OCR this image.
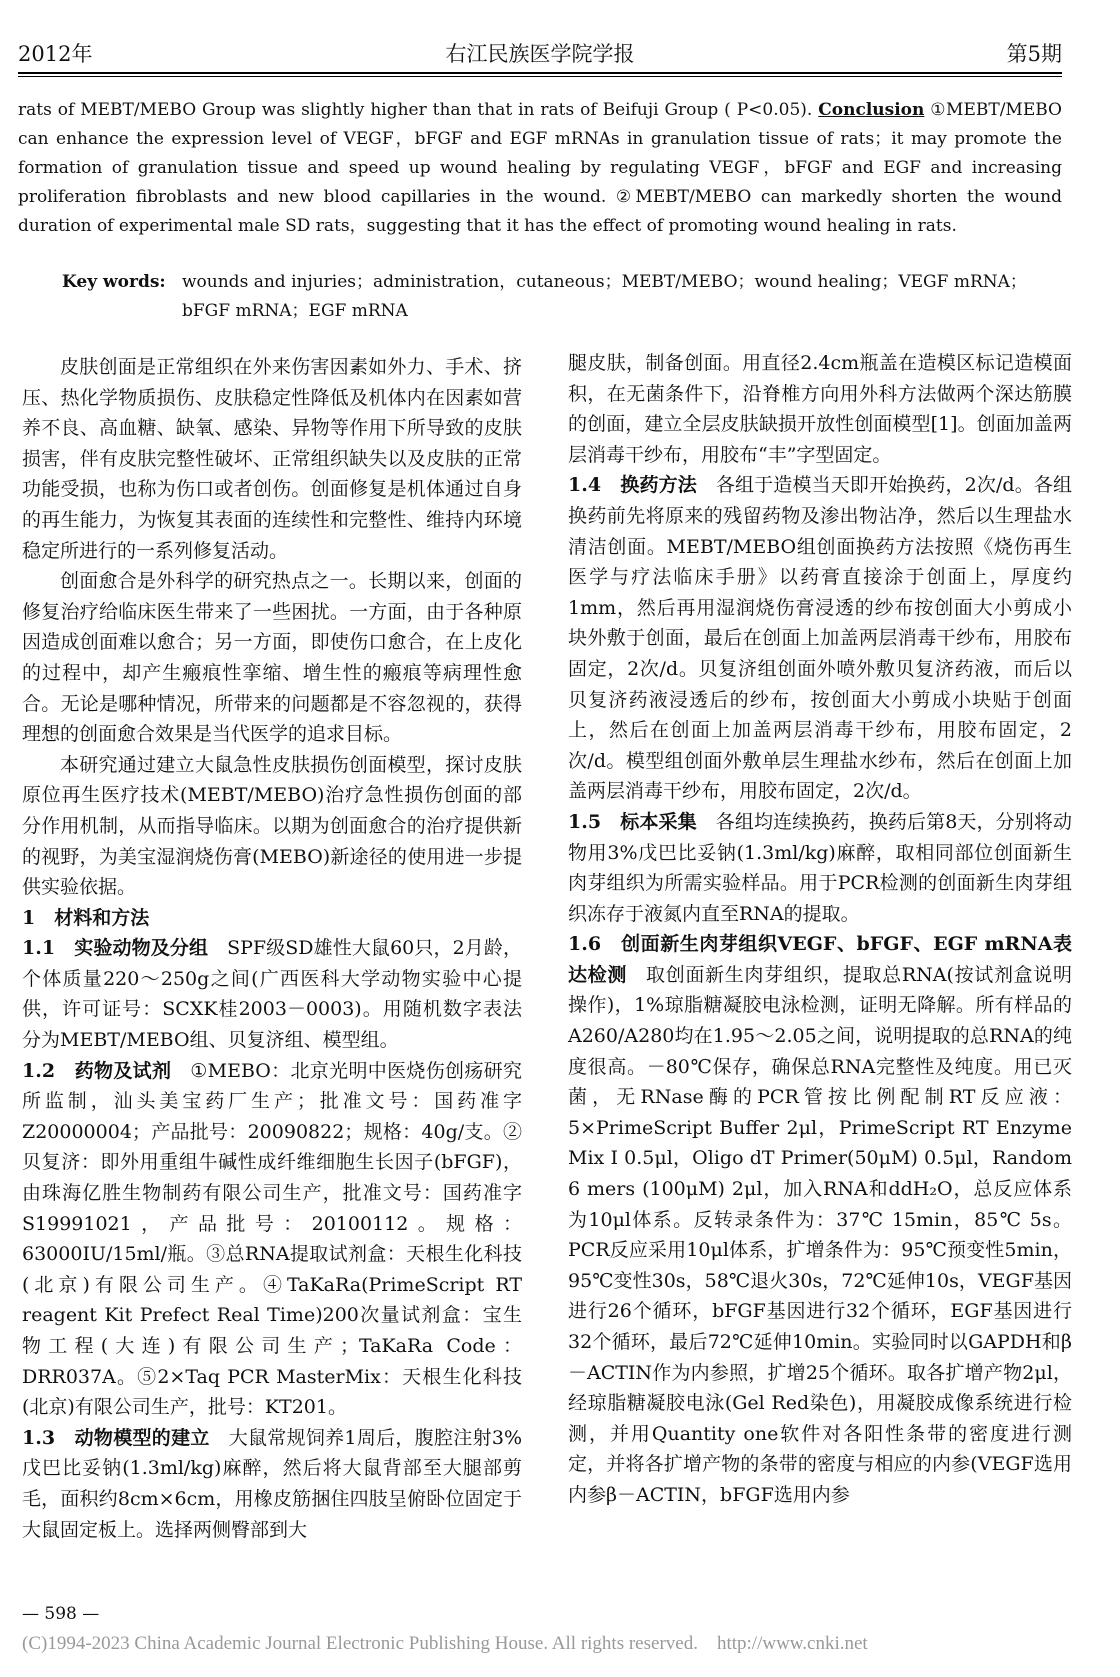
2012年	右江民族医学院学报	第5期
rats of MEBT/MEBO Group was slightly higher than that in rats of Beifuji Group ( P<0.05). Conclusion ①MEBT/MEBO can enhance the expression level of VEGF，bFGF and EGF mRNAs in granulation tissue of rats；it may promote the formation of granulation tissue and speed up wound healing by regulating VEGF，bFGF and EGF and increasing proliferation fibroblasts and new blood capillaries in the wound. ②MEBT/MEBO can markedly shorten the wound duration of experimental male SD rats，suggesting that it has the effect of promoting wound healing in rats.
Key words: wounds and injuries；administration，cutaneous；MEBT/MEBO；wound healing；VEGF mRNA；bFGF mRNA；EGF mRNA

皮肤创面是正常组织在外来伤害因素如外力、手术、挤压、热化学物质损伤、皮肤稳定性降低及机体内在因素如营养不良、高血糖、缺氧、感染、异物等作用下所导致的皮肤损害，伴有皮肤完整性破坏、正常组织缺失以及皮肤的正常功能受损，也称为伤口或者创伤。创面修复是机体通过自身的再生能力，为恢复其表面的连续性和完整性、维持内环境稳定所进行的一系列修复活动。

创面愈合是外科学的研究热点之一。长期以来，创面的修复治疗给临床医生带来了一些困扰。一方面，由于各种原因造成创面难以愈合；另一方面，即使伤口愈合，在上皮化的过程中，却产生瘢痕性挛缩、增生性的瘢痕等病理性愈合。无论是哪种情况，所带来的问题都是不容忽视的，获得理想的创面愈合效果是当代医学的追求目标。

本研究通过建立大鼠急性皮肤损伤创面模型，探讨皮肤原位再生医疗技术(MEBT/MEBO)治疗急性损伤创面的部分作用机制，从而指导临床。以期为创面愈合的治疗提供新的视野，为美宝湿润烧伤膏(MEBO)新途径的使用进一步提供实验依据。

1　材料和方法

1.1　实验动物及分组 SPF级SD雄性大鼠60只，2月龄，个体质量220～250g之间(广西医科大学动物实验中心提供，许可证号：SCXK桂2003－0003)。用随机数字表法分为MEBT/MEBO组、贝复济组、模型组。

1.2　药物及试剂 ①MEBO：北京光明中医烧伤创疡研究所监制，汕头美宝药厂生产；批准文号：国药准字Z20000004；产品批号：20090822；规格：40g/支。②贝复济：即外用重组牛碱性成纤维细胞生长因子(bFGF)，由珠海亿胜生物制药有限公司生产，批准文号：国药准字S19991021，产品批号：20100112。规格：63000IU/15ml/瓶。③总RNA提取试剂盒：天根生化科技(北京)有限公司生产。④TaKaRa(PrimeScript RT reagent Kit Prefect Real Time)200次量试剂盒：宝生物工程(大连)有限公司生产；TaKaRa Code：DRR037A。⑤2×Taq PCR MasterMix：天根生化科技(北京)有限公司生产，批号：KT201。

1.3　动物模型的建立 大鼠常规饲养1周后，腹腔注射3%戊巴比妥钠(1.3ml/kg)麻醉，然后将大鼠背部至大腿部剪毛，面积约8cm×6cm，用橡皮筋捆住四肢呈俯卧位固定于大鼠固定板上。选择两侧臀部到大

腿皮肤，制备创面。用直径2.4cm瓶盖在造模区标记造模面积，在无菌条件下，沿脊椎方向用外科方法做两个深达筋膜的创面，建立全层皮肤缺损开放性创面模型[1]。创面加盖两层消毒干纱布，用胶布“丰”字型固定。

1.4　换药方法 各组于造模当天即开始换药，2次/d。各组换药前先将原来的残留药物及渗出物沾净，然后以生理盐水清洁创面。MEBT/MEBO组创面换药方法按照《烧伤再生医学与疗法临床手册》以药膏直接涂于创面上，厚度约1mm，然后再用湿润烧伤膏浸透的纱布按创面大小剪成小块外敷于创面，最后在创面上加盖两层消毒干纱布，用胶布固定，2次/d。贝复济组创面外喷外敷贝复济药液，而后以贝复济药液浸透后的纱布，按创面大小剪成小块贴于创面上，然后在创面上加盖两层消毒干纱布，用胶布固定，2次/d。模型组创面外敷单层生理盐水纱布，然后在创面上加盖两层消毒干纱布，用胶布固定，2次/d。

1.5　标本采集 各组均连续换药，换药后第8天，分别将动物用3%戊巴比妥钠(1.3ml/kg)麻醉，取相同部位创面新生肉芽组织为所需实验样品。用于PCR检测的创面新生肉芽组织冻存于液氮内直至RNA的提取。

1.6　创面新生肉芽组织VEGF、bFGF、EGF mRNA表达检测 取创面新生肉芽组织，提取总RNA(按试剂盒说明操作)，1%琼脂糖凝胶电泳检测，证明无降解。所有样品的A260/A280均在1.95～2.05之间，说明提取的总RNA的纯度很高。－80℃保存，确保总RNA完整性及纯度。用已灭菌，无RNase酶的PCR管按比例配制RT反应液：5×PrimeScript Buffer 2μl，PrimeScript RT Enzyme Mix I 0.5μl，Oligo dT Primer(50μM) 0.5μl，Random 6 mers (100μM) 2μl，加入RNA和ddH₂O，总反应体系为10μl体系。反转录条件为：37℃ 15min，85℃ 5s。PCR反应采用10μl体系，扩增条件为：95℃预变性5min，95℃变性30s，58℃退火30s，72℃延伸10s，VEGF基因进行26个循环，bFGF基因进行32个循环，EGF基因进行32个循环，最后72℃延伸10min。实验同时以GAPDH和β－ACTIN作为内参照，扩增25个循环。取各扩增产物2μl，经琼脂糖凝胶电泳(Gel Red染色)，用凝胶成像系统进行检测，并用Quantity one软件对各阳性条带的密度进行测定，并将各扩增产物的条带的密度与相应的内参(VEGF选用内参β－ACTIN，bFGF选用内参

— 598 —
(C)1994-2023 China Academic Journal Electronic Publishing House. All rights reserved.　http://www.cnki.net
